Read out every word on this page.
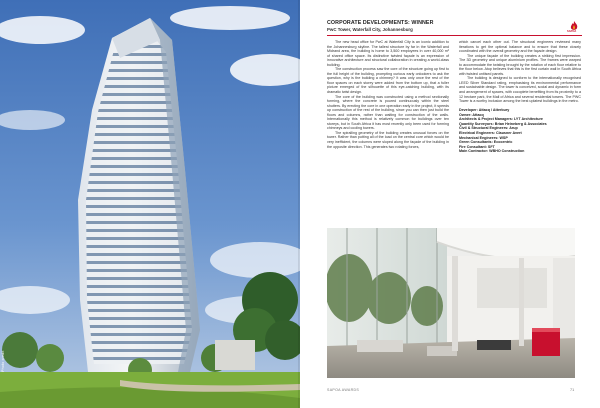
Photo credit
CORPORATE DEVELOPMENTS: WINNER
PwC Tower, Waterfall City, Johannesburg	SAPOA

The new head office for PwC at Waterfall City is an iconic addition to the Johannesburg skyline. The tallest structure by far in the Waterfall and Midrand area, the building is home to 3,500 employees in over 40,000 m² of shared office space. Its distinctive twisted façade is an expression of innovative architecture and structural collaboration in creating a world-class building.

The construction process saw the core of the structure going up first to the full height of the building, prompting curious early onlookers to ask the question, why is the building a chimney? It was only once the rest of the floor spaces on each storey were added from the bottom up, that a fuller picture emerged of the silhouette of this eye-catching building, with its dramatic twist design.

The core of the building was constructed using a method sectionally forming, where the concrete is poured continuously within the steel shutters. By erecting the core in one operation early in the project, it speeds up construction of the rest of the building, since you can then just build the floors and columns, rather than waiting for construction of the walls. Internationally this method is relatively common for buildings over ten storeys, but in South Africa it has most recently only been used for forming chimneys and cooling towers.

The spiralling geometry of the building creates unusual forces on the tower. Rather than putting all of the load on the central core which would be very inefficient, the columns were sloped along the façade of the building in the opposite direction. This generates two rotating forces,

which cancel each other out. The structural engineers reviewed many iterations to get the optimal balance and to ensure that these closely coordinated with the overall geometry and the façade design.

The unique façade of the building creates a striking first impression. The 3D geometry and unique aluminium profiles. The frames were warped to accommodate the twisting brought by the rotation of each floor relative to the floor below. Atop believes that this is the first curtain wall in South Africa with twisted unitised panels.

The building is designed to conform to the internationally recognised LEED Silver Standard rating, emphasising its environmental performance and sustainable design. The tower is conceived, social and dynamic in form and arrangement of spaces, with cocoplete benefiting from its proximity to a 12 hectare park, the Mall of Africa and several residential towers. The PWC Tower is a worthy inclusion among the best uplatest buildings in the metro.

Developer: Attacq / Atterbury
Owner: Attacq
Architects & Project Managers: LYT Architecture
Quantity Surveyors: Brian Heineberg & Associates
Civil & Structural Engineers: Arup
Electrical Engineers: Clausner Avert
Mechanical Engineers: WSP
Green Consultants: Ecocentric
Fire Consultant: SFT
Main Contractor: WBHO Construction
SAPOA AWARDS	71
